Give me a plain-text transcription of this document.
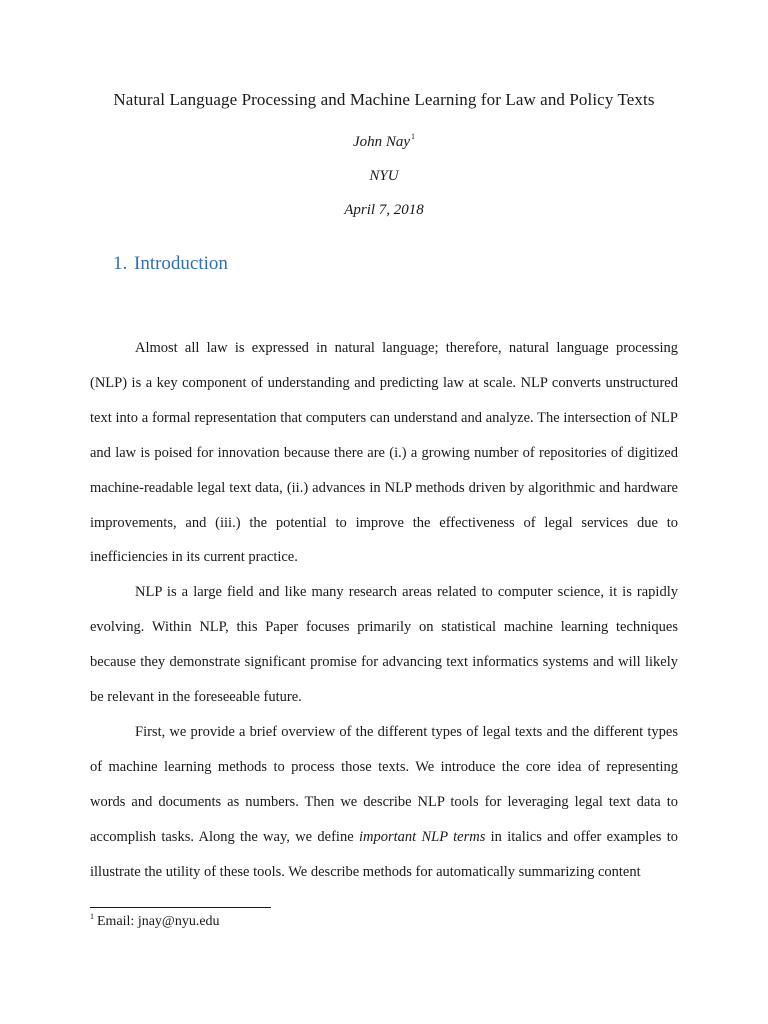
Natural Language Processing and Machine Learning for Law and Policy Texts
John Nay$^1$
NYU
April 7, 2018
1. Introduction

Almost all law is expressed in natural language; therefore, natural language processing (NLP) is a key component of understanding and predicting law at scale. NLP converts unstructured text into a formal representation that computers can understand and analyze. The intersection of NLP and law is poised for innovation because there are (i.) a growing number of repositories of digitized machine-readable legal text data, (ii.) advances in NLP methods driven by algorithmic and hardware improvements, and (iii.) the potential to improve the effectiveness of legal services due to inefficiencies in its current practice.

NLP is a large field and like many research areas related to computer science, it is rapidly evolving. Within NLP, this Paper focuses primarily on statistical machine learning techniques because they demonstrate significant promise for advancing text informatics systems and will likely be relevant in the foreseeable future.

First, we provide a brief overview of the different types of legal texts and the different types of machine learning methods to process those texts. We introduce the core idea of representing words and documents as numbers. Then we describe NLP tools for leveraging legal text data to accomplish tasks. Along the way, we define important NLP terms in italics and offer examples to illustrate the utility of these tools. We describe methods for automatically summarizing content

$^1$ Email: jnay@nyu.edu
